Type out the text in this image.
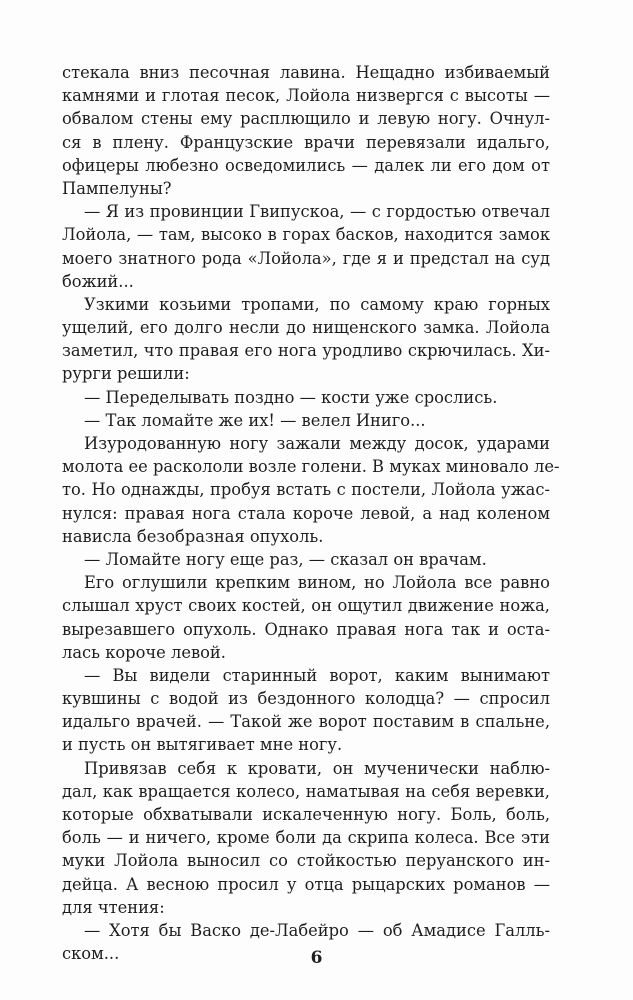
стекала вниз песочная лавина. Нещадно избиваемый
камнями и глотая песок, Лойола низвергся с высоты —
обвалом стены ему расплющило и левую ногу. Очнул-
ся в плену. Французские врачи перевязали идальго,
офицеры любезно осведомились — далек ли его дом от
Пампелуны?
— Я из провинции Гвипускоа, — с гордостью отвечал
Лойола, — там, высоко в горах басков, находится замок
моего знатного рода «Лойола», где я и предстал на суд
божий...
Узкими козьими тропами, по самому краю горных
ущелий, его долго несли до нищенского замка. Лойола
заметил, что правая его нога уродливо скрючилась. Хи-
рурги решили:
— Переделывать поздно — кости уже срослись.
— Так ломайте же их! — велел Иниго...
Изуродованную ногу зажали между досок, ударами
молота ее раскололи возле голени. В муках миновало ле-
то. Но однажды, пробуя встать с постели, Лойола ужас-
нулся: правая нога стала короче левой, а над коленом
нависла безобразная опухоль.
— Ломайте ногу еще раз, — сказал он врачам.
Его оглушили крепким вином, но Лойола все равно
слышал хруст своих костей, он ощутил движение ножа,
вырезавшего опухоль. Однако правая нога так и оста-
лась короче левой.
— Вы видели старинный ворот, каким вынимают
кувшины с водой из бездонного колодца? — спросил
идальго врачей. — Такой же ворот поставим в спальне,
и пусть он вытягивает мне ногу.
Привязав себя к кровати, он мученически наблю-
дал, как вращается колесо, наматывая на себя веревки,
которые обхватывали искалеченную ногу. Боль, боль,
боль — и ничего, кроме боли да скрипа колеса. Все эти
муки Лойола выносил со стойкостью перуанского ин-
дейца. А весною просил у отца рыцарских романов —
для чтения:
— Хотя бы Васко де-Лабейро — об Амадисе Галль-
ском...	6
